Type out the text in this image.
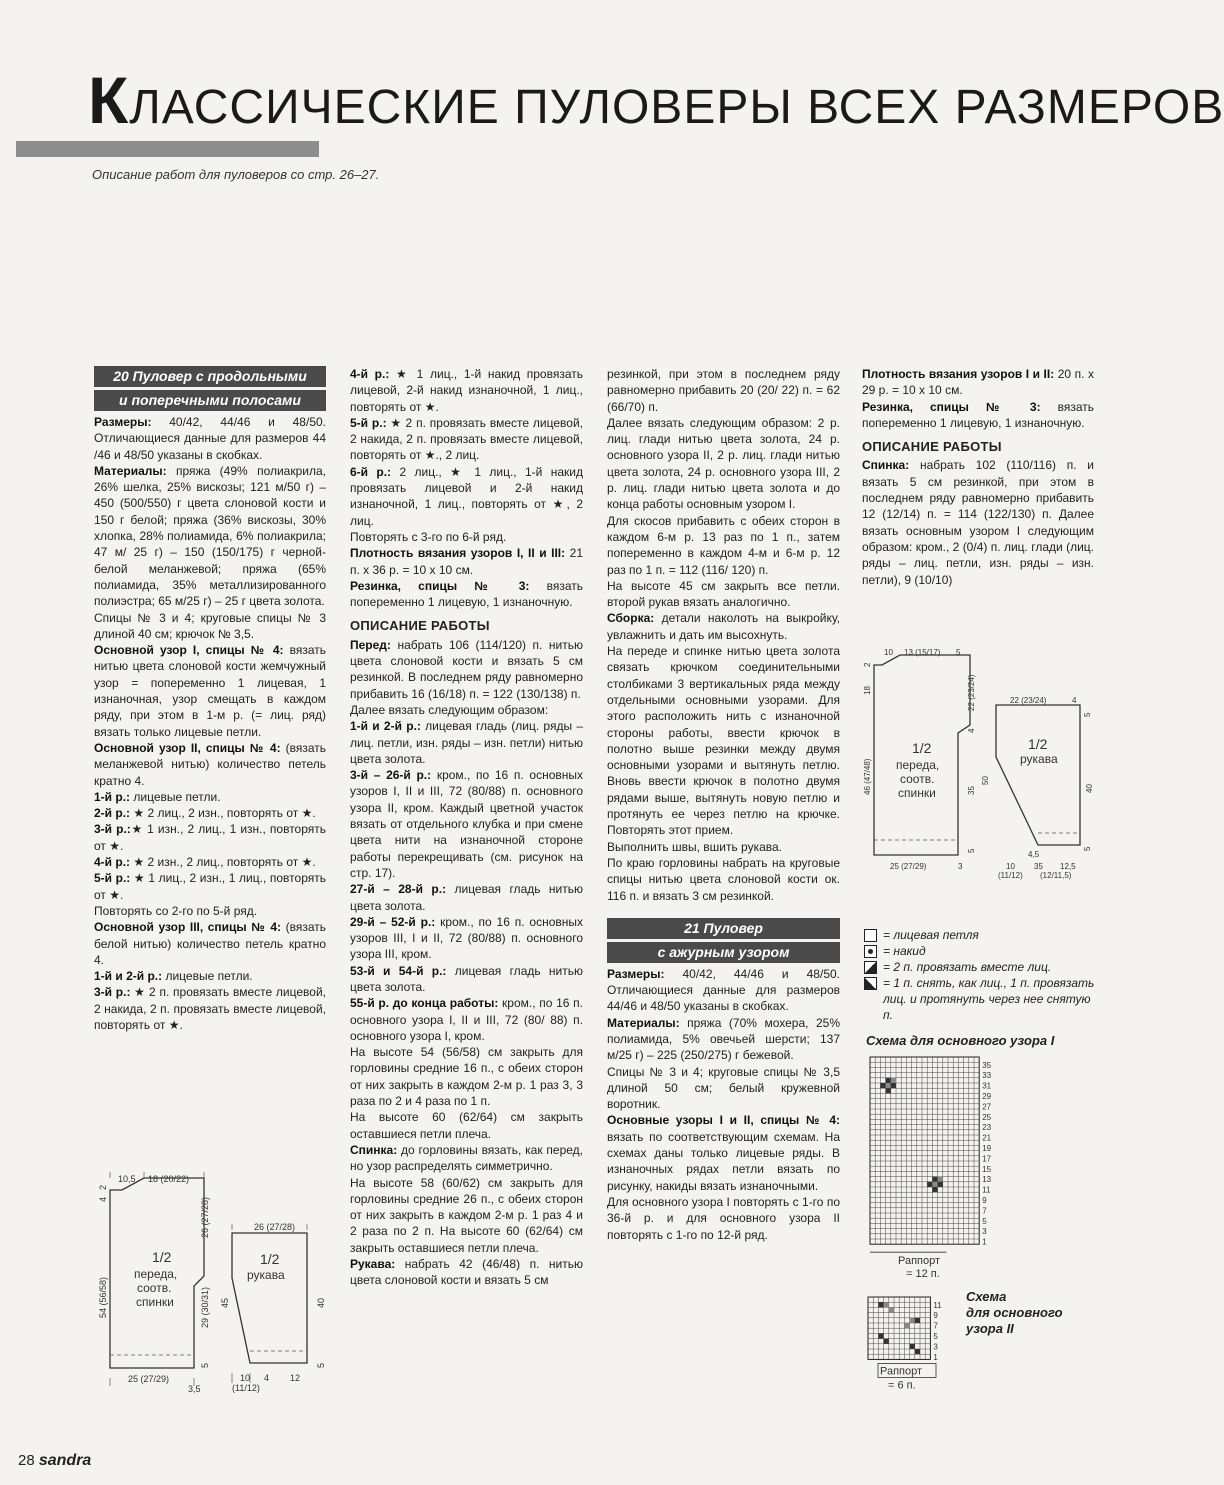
КЛАССИЧЕСКИЕ ПУЛОВЕРЫ ВСЕХ РАЗМЕРОВ
Описание работ для пуловеров со стр. 26–27.
20 Пуловер с продольными
и поперечными полосами

Размеры: 40/42, 44/46 и 48/50. Отличающиеся данные для размеров 44 /46 и 48/50 указаны в скобках.

Материалы: пряжа (49% полиакрила, 26% шелка, 25% вискозы; 121 м/50 г) – 450 (500/550) г цвета слоновой кости и 150 г белой; пряжа (36% вискозы, 30% хлопка, 28% полиамида, 6% полиакрила; 47 м/ 25 г) – 150 (150/175) г черной-белой меланжевой; пряжа (65% полиамида, 35% металлизированного полиэстра; 65 м/25 г) – 25 г цвета золота.

Спицы № 3 и 4; круговые спицы № 3 длиной 40 см; крючок № 3,5.

Основной узор I, спицы № 4: вязать нитью цвета слоновой кости жемчужный узор = попеременно 1 лицевая, 1 изнаночная, узор смещать в каждом ряду, при этом в 1-м р. (= лиц. ряд) вязать только лицевые петли.

Основной узор II, спицы № 4: (вязать меланжевой нитью) количество петель кратно 4.

1-й р.: лицевые петли.

2-й р.: ★ 2 лиц., 2 изн., повторять от ★.

3-й р.:★ 1 изн., 2 лиц., 1 изн., повторять от ★.

4-й р.: ★ 2 изн., 2 лиц., повторять от ★.

5-й р.: ★ 1 лиц., 2 изн., 1 лиц., повторять от ★.

Повторять со 2-го по 5-й ряд.

Основной узор III, спицы № 4: (вязать белой нитью) количество петель кратно 4.

1-й и 2-й р.: лицевые петли.

3-й р.: ★ 2 п. провязать вместе лицевой, 2 накида, 2 п. провязать вместе лицевой, повторять от ★.

4-й р.: ★ 1 лиц., 1-й накид провязать лицевой, 2-й накид изнаночной, 1 лиц., повторять от ★.

5-й р.: ★ 2 п. провязать вместе лицевой, 2 накида, 2 п. провязать вместе лицевой, повторять от ★., 2 лиц.

6-й р.: 2 лиц., ★ 1 лиц., 1-й накид провязать лицевой и 2-й накид изнаночной, 1 лиц., повторять от ★, 2 лиц.

Повторять с 3-го по 6-й ряд.

Плотность вязания узоров I, II и III: 21 п. х 36 р. = 10 х 10 см.

Резинка, спицы № 3: вязать попеременно 1 лицевую, 1 изнаночную.

ОПИСАНИЕ РАБОТЫ

Перед: набрать 106 (114/120) п. нитью цвета слоновой кости и вязать 5 см резинкой. В последнем ряду равномерно прибавить 16 (16/18) п. = 122 (130/138) п.

Далее вязать следующим образом:

1-й и 2-й р.: лицевая гладь (лиц. ряды – лиц. петли, изн. ряды – изн. петли) нитью цвета золота.

3-й – 26-й р.: кром., по 16 п. основных узоров I, II и III, 72 (80/88) п. основного узора II, кром. Каждый цветной участок вязать от отдельного клубка и при смене цвета нити на изнаночной стороне работы перекрещивать (см. рисунок на стр. 17).

27-й – 28-й р.: лицевая гладь нитью цвета золота.

29-й – 52-й р.: кром., по 16 п. основных узоров III, I и II, 72 (80/88) п. основного узора III, кром.

53-й и 54-й р.: лицевая гладь нитью цвета золота.

55-й р. до конца работы: кром., по 16 п. основного узора I, II и III, 72 (80/ 88) п. основного узора I, кром.

На высоте 54 (56/58) см закрыть для горловины средние 16 п., с обеих сторон от них закрыть в каждом 2-м р. 1 раз 3, 3 раза по 2 и 4 раза по 1 п.

На высоте 60 (62/64) см закрыть оставшиеся петли плеча.

Спинка: до горловины вязать, как перед, но узор распределять симметрично.

На высоте 58 (60/62) см закрыть для горловины средние 26 п., с обеих сторон от них закрыть в каждом 2-м р. 1 раз 4 и 2 раза по 2 п. На высоте 60 (62/64) см закрыть оставшиеся петли плеча.

Рукава: набрать 42 (46/48) п. нитью цвета слоновой кости и вязать 5 см

резинкой, при этом в последнем ряду равномерно прибавить 20 (20/ 22) п. = 62 (66/70) п.

Далее вязать следующим образом: 2 р. лиц. глади нитью цвета золота, 24 р. основного узора II, 2 р. лиц. глади нитью цвета золота, 24 р. основного узора III, 2 р. лиц. глади нитью цвета золота и до конца работы основным узором I.

Для скосов прибавить с обеих сторон в каждом 6-м р. 13 раз по 1 п., затем попеременно в каждом 4-м и 6-м р. 12 раз по 1 п. = 112 (116/ 120) п.

На высоте 45 см закрыть все петли. второй рукав вязать аналогично.

Сборка: детали наколоть на выкройку, увлажнить и дать им высохнуть.

На переде и спинке нитью цвета золота связать крючком соединительными столбиками 3 вертикальных ряда между отдельными основными узорами. Для этого расположить нить с изнаночной стороны работы, ввести крючок в полотно выше резинки между двумя основными узорами и вытянуть петлю. Вновь ввести крючок в полотно двумя рядами выше, вытянуть новую петлю и протянуть ее через петлю на крючке. Повторять этот прием.

Выполнить швы, вшить рукава.

По краю горловины набрать на круговые спицы нитью цвета слоновой кости ок. 116 п. и вязать 3 см резинкой.

21 Пуловер
с ажурным узором

Размеры: 40/42, 44/46 и 48/50. Отличающиеся данные для размеров 44/46 и 48/50 указаны в скобках.

Материалы: пряжа (70% мохера, 25% полиамида, 5% овечьей шерсти; 137 м/25 г) – 225 (250/275) г бежевой.

Спицы № 3 и 4; круговые спицы № 3,5 длиной 50 см; белый кружевной воротник.

Основные узоры I и II, спицы № 4: вязать по соответствующим схемам. На схемах даны только лицевые ряды. В изнаночных рядах петли вязать по рисунку, накиды вязать изнаночными.

Для основного узора I повторять с 1-го по 36-й р. и для основного узора II повторять с 1-го по 12-й ряд.

Плотность вязания узоров I и II: 20 п. х 29 р. = 10 х 10 см.

Резинка, спицы № 3: вязать попеременно 1 лицевую, 1 изнаночную.

ОПИСАНИЕ РАБОТЫ

Спинка: набрать 102 (110/116) п. и вязать 5 см резинкой, при этом в последнем ряду равномерно прибавить 12 (12/14) п. = 114 (122/130) п. Далее вязать основным узором I следующим образом: кром., 2 (0/4) п. лиц. глади (лиц. ряды – лиц. петли, изн. ряды – изн. петли), 9 (10/10)

10,5 18 (20/22)
4
2
54 (56/58)
26 (27/28)
29 (30/31)
5
25 (27/29)
3,5
1/2
переда,
соотв.
спинки
26 (27/28)
1/2
рукава
45	40
5
10
(11/12)
4 12
10 13 (15/17) 5
2
18	22 (23/24)
4
46 (47/48)	35
50
5
25 (27/29)	3
1/2
переда,
соотв.
спинки
22 (23/24)	4
5
1/2
рукава
40
5
4,5
10 35 12,5
(11/12) (12/11,5)
= лицевая петля
= накид
= 2 п. провязать вместе лиц.
= 1 п. снять, как лиц., 1 п. провязать лиц. и протянуть через нее снятую п.
Схема для основного узора I
35
33
31
29
27
25
23
21
19
17
15
13
11
9
7
5
3
1
Раппорт
= 12 п.
Схема
для основного
узора II
11
9
7
5
3
1
Раппорт
= 6 п.
28 sandra
